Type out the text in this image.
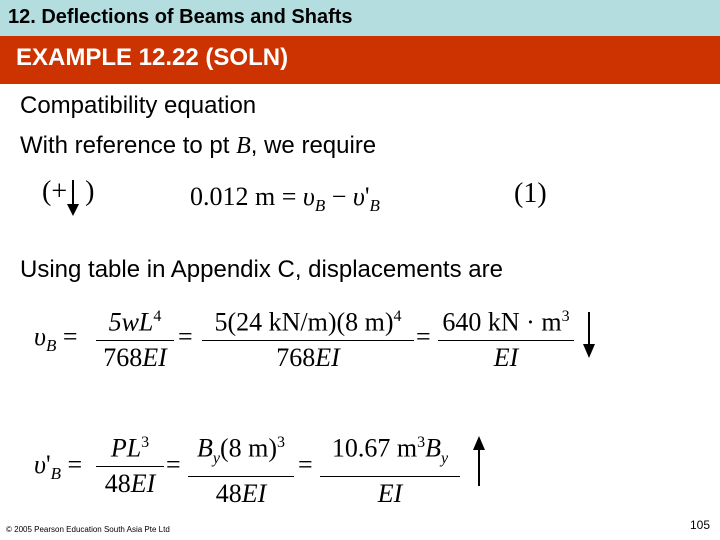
12. Deflections of Beams and Shafts
EXAMPLE 12.22 (SOLN)
Compatibility equation
With reference to pt B, we require
(+ )	0.012 $m = \upsilon_B - \upsilon'_B$	(1)
Using table in Appendix C, displacements are
$\upsilon_B$ =	$5wL^4$
768EI
= 5(24 kN/m)(8 m)$^4$
768EI
= 640 kN · $m^3$
EI
$\upsilon'_B$ =
$PL^3$
48EI
=
$B_y(8$ m)$^3$
48EI
=
10.67 $m^3B_y$
EI
© 2005 Pearson Education South Asia Pte Ltd	105
